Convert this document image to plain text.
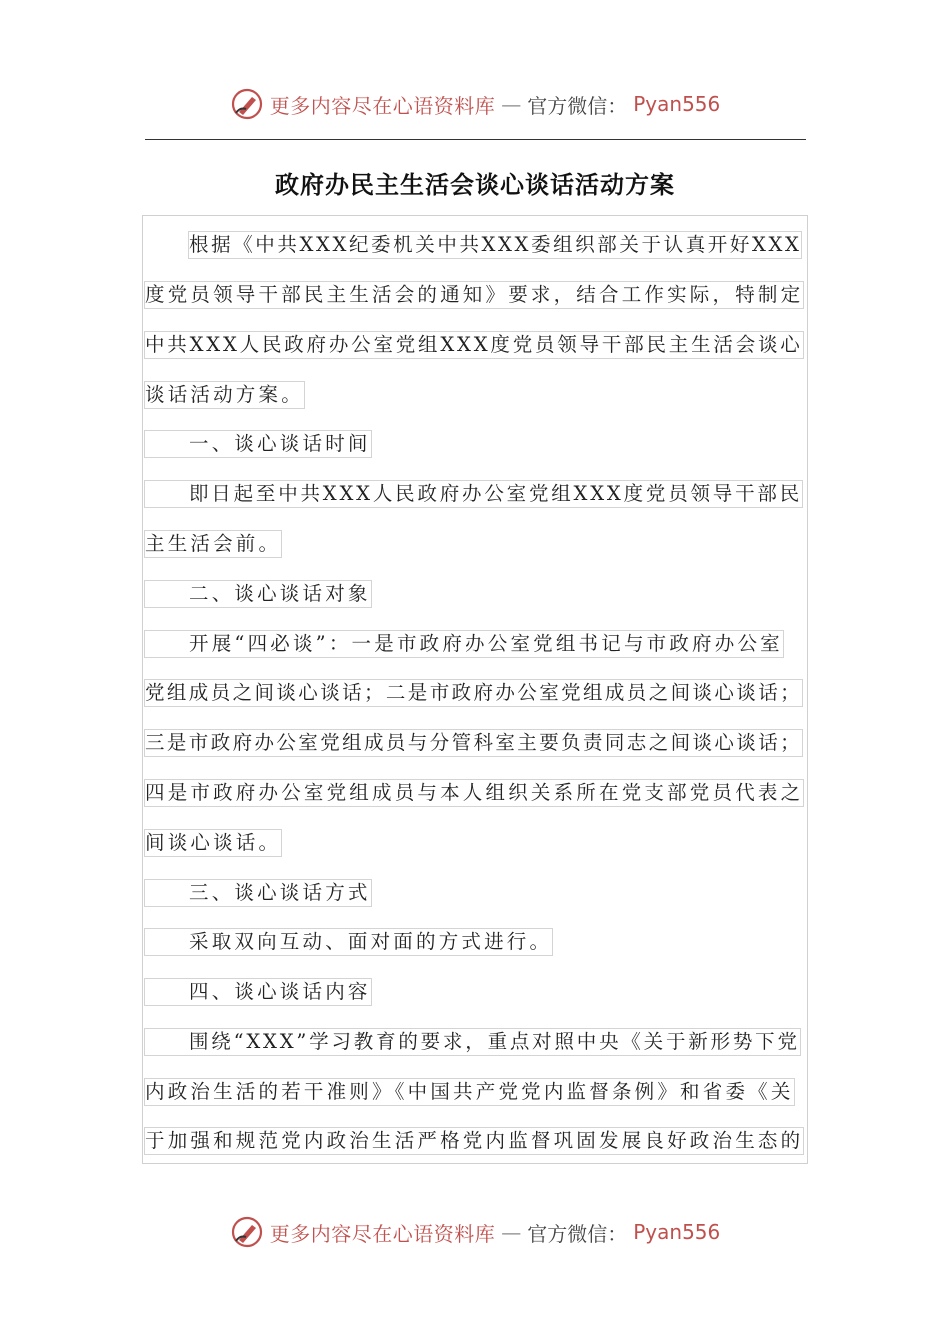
更多内容尽在心语资料库 — 官方微信： Pyan556
政府办民主生活会谈心谈话活动方案
根据《中共XXX纪委机关中共XXX委组织部关于认真开好XXX
度党员领导干部民主生活会的通知》要求，结合工作实际，特制定
中共XXX人民政府办公室党组XXX度党员领导干部民主生活会谈心
谈话活动方案。
一、谈心谈话时间
即日起至中共XXX人民政府办公室党组XXX度党员领导干部民
主生活会前。
二、谈心谈话对象
开展“四必谈”：一是市政府办公室党组书记与市政府办公室
党组成员之间谈心谈话；二是市政府办公室党组成员之间谈心谈话；
三是市政府办公室党组成员与分管科室主要负责同志之间谈心谈话；
四是市政府办公室党组成员与本人组织关系所在党支部党员代表之
间谈心谈话。
三、谈心谈话方式
采取双向互动、面对面的方式进行。
四、谈心谈话内容
围绕“XXX”学习教育的要求，重点对照中央《关于新形势下党
内政治生活的若干准则》《中国共产党党内监督条例》和省委《关
于加强和规范党内政治生活严格党内监督巩固发展良好政治生态的
更多内容尽在心语资料库 — 官方微信： Pyan556
